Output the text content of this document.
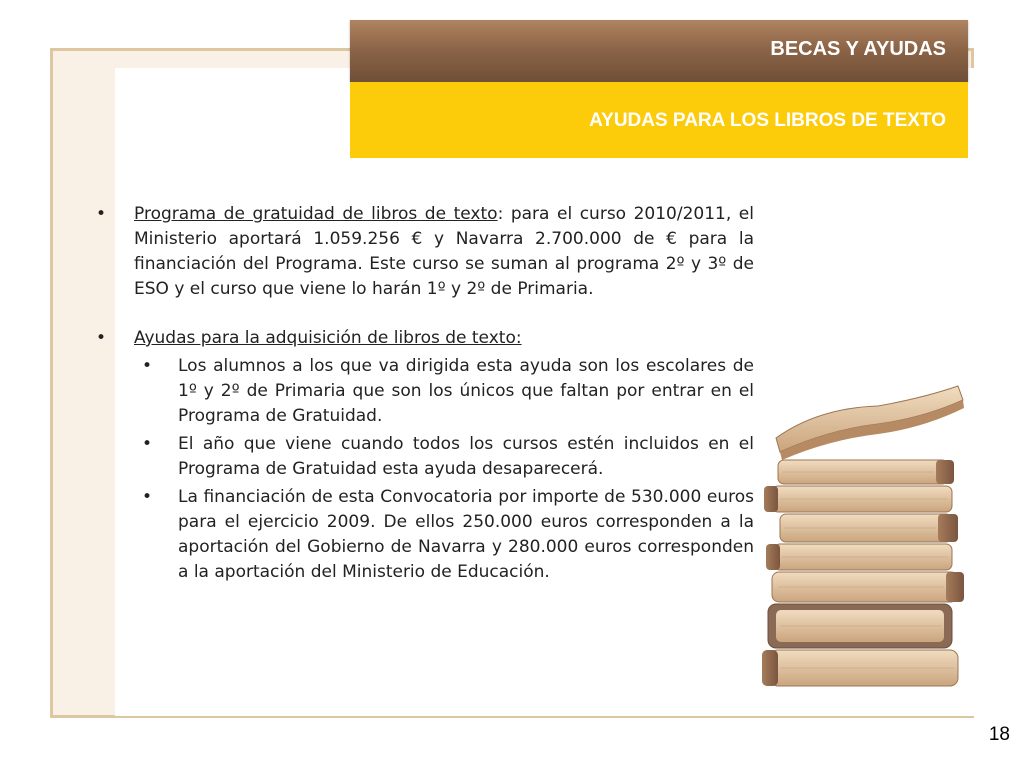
BECAS Y AYUDAS
AYUDAS PARA LOS LIBROS DE TEXTO
• Programa de gratuidad de libros de texto: para el curso 2010/2011, el Ministerio aportará 1.059.256 € y Navarra 2.700.000 de € para la financiación del Programa. Este curso se suman al programa 2º y 3º de ESO y el curso que viene lo harán 1º y 2º de Primaria.
• Ayudas para la adquisición de libros de texto:
• Los alumnos a los que va dirigida esta ayuda son los escolares de 1º y 2º de Primaria que son los únicos que faltan por entrar en el Programa de Gratuidad.
• El año que viene cuando todos los cursos estén incluidos en el Programa de Gratuidad esta ayuda desaparecerá.
• La financiación de esta Convocatoria por importe de 530.000 euros para el ejercicio 2009. De ellos 250.000 euros corresponden a la aportación del Gobierno de Navarra y 280.000 euros corresponden a la aportación del Ministerio de Educación.
18
